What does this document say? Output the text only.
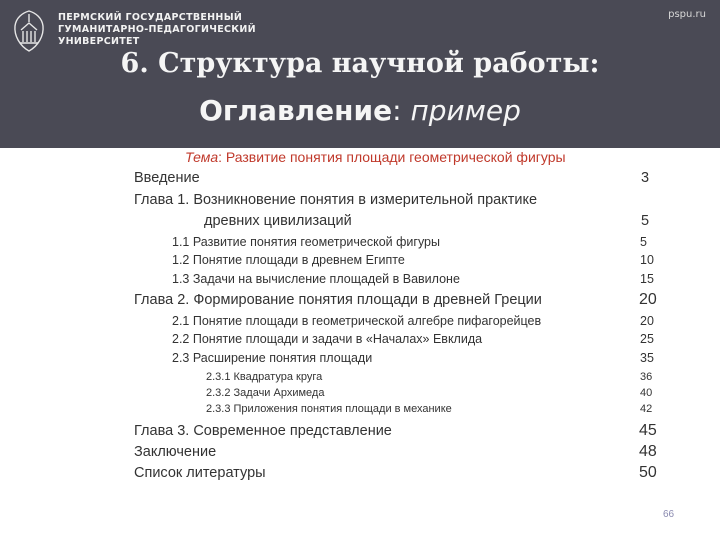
ПЕРМСКИЙ ГОСУДАРСТВЕННЫЙ
ГУМАНИТАРНО-ПЕДАГОГИЧЕСКИЙ
УНИВЕРСИТЕТ
pspu.ru
6. Структура научной работы:
Оглавление: пример
Тема: Развитие понятия площади геометрической фигуры
Введение	3
Глава 1. Возникновение понятия в измерительной практике
древних цивилизаций	5
1.1 Развитие понятия геометрической фигуры	5
1.2 Понятие площади в древнем Египте	10
1.3 Задачи на вычисление площадей в Вавилоне	15
Глава 2. Формирование понятия площади в древней Греции	20
2.1 Понятие площади в геометрической алгебре пифагорейцев	20
2.2 Понятие площади и задачи в «Началах» Евклида	25
2.3 Расширение понятия площади	35
2.3.1 Квадратура круга	36
2.3.2 Задачи Архимеда	40
2.3.3 Приложения понятия площади в механике	42
Глава 3. Современное представление	45
Заключение	48
Список литературы	50
66
